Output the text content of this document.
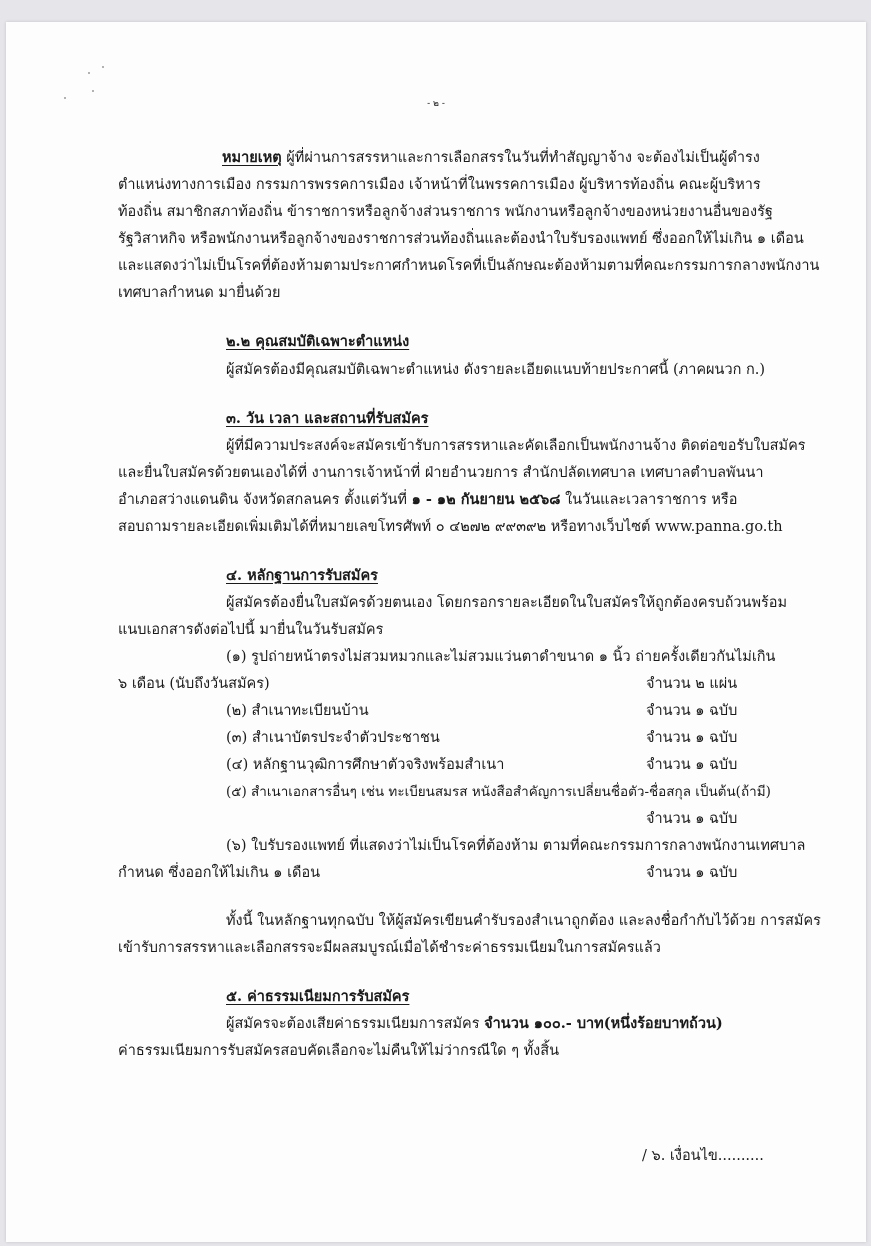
- ๒ -
หมายเหตุ ผู้ที่ผ่านการสรรหาและการเลือกสรรในวันที่ทำสัญญาจ้าง จะต้องไม่เป็นผู้ดำรง
ตำแหน่งทางการเมือง กรรมการพรรคการเมือง เจ้าหน้าที่ในพรรคการเมือง ผู้บริหารท้องถิ่น คณะผู้บริหาร
ท้องถิ่น สมาชิกสภาท้องถิ่น ข้าราชการหรือลูกจ้างส่วนราชการ พนักงานหรือลูกจ้างของหน่วยงานอื่นของรัฐ
รัฐวิสาหกิจ หรือพนักงานหรือลูกจ้างของราชการส่วนท้องถิ่นและต้องนำใบรับรองแพทย์ ซึ่งออกให้ไม่เกิน ๑ เดือน
และแสดงว่าไม่เป็นโรคที่ต้องห้ามตามประกาศกำหนดโรคที่เป็นลักษณะต้องห้ามตามที่คณะกรรมการกลางพนักงาน
เทศบาลกำหนด มายื่นด้วย
๒.๒ คุณสมบัติเฉพาะตำแหน่ง
ผู้สมัครต้องมีคุณสมบัติเฉพาะตำแหน่ง ดังรายละเอียดแนบท้ายประกาศนี้ (ภาคผนวก ก.)
๓. วัน เวลา และสถานที่รับสมัคร
ผู้ที่มีความประสงค์จะสมัครเข้ารับการสรรหาและคัดเลือกเป็นพนักงานจ้าง ติดต่อขอรับใบสมัคร
และยื่นใบสมัครด้วยตนเองได้ที่ งานการเจ้าหน้าที่ ฝ่ายอำนวยการ สำนักปลัดเทศบาล เทศบาลตำบลพันนา
อำเภอสว่างแดนดิน จังหวัดสกลนคร ตั้งแต่วันที่ ๑ - ๑๒ กันยายน ๒๕๖๘ ในวันและเวลาราชการ หรือ
สอบถามรายละเอียดเพิ่มเติมได้ที่หมายเลขโทรศัพท์ ๐ ๔๒๗๒ ๙๙๓๙๒ หรือทางเว็บไซต์ www.panna.go.th
๔. หลักฐานการรับสมัคร
ผู้สมัครต้องยื่นใบสมัครด้วยตนเอง โดยกรอกรายละเอียดในใบสมัครให้ถูกต้องครบถ้วนพร้อม
แนบเอกสารดังต่อไปนี้ มายื่นในวันรับสมัคร
(๑) รูปถ่ายหน้าตรงไม่สวมหมวกและไม่สวมแว่นตาดำขนาด ๑ นิ้ว ถ่ายครั้งเดียวกันไม่เกิน
๖ เดือน (นับถึงวันสมัคร)	จำนวน ๒ แผ่น
(๒) สำเนาทะเบียนบ้าน	จำนวน ๑ ฉบับ
(๓) สำเนาบัตรประจำตัวประชาชน	จำนวน ๑ ฉบับ
(๔) หลักฐานวุฒิการศึกษาตัวจริงพร้อมสำเนา	จำนวน ๑ ฉบับ
(๕) สำเนาเอกสารอื่นๆ เช่น ทะเบียนสมรส หนังสือสำคัญการเปลี่ยนชื่อตัว-ชื่อสกุล เป็นต้น(ถ้ามี)
จำนวน ๑ ฉบับ
(๖) ใบรับรองแพทย์ ที่แสดงว่าไม่เป็นโรคที่ต้องห้าม ตามที่คณะกรรมการกลางพนักงานเทศบาล
กำหนด ซึ่งออกให้ไม่เกิน ๑ เดือน	จำนวน ๑ ฉบับ
ทั้งนี้ ในหลักฐานทุกฉบับ ให้ผู้สมัครเขียนคำรับรองสำเนาถูกต้อง และลงชื่อกำกับไว้ด้วย การสมัคร
เข้ารับการสรรหาและเลือกสรรจะมีผลสมบูรณ์เมื่อได้ชำระค่าธรรมเนียมในการสมัครแล้ว
๕. ค่าธรรมเนียมการรับสมัคร
ผู้สมัครจะต้องเสียค่าธรรมเนียมการสมัคร จำนวน ๑๐๐.- บาท(หนึ่งร้อยบาทถ้วน)
ค่าธรรมเนียมการรับสมัครสอบคัดเลือกจะไม่คืนให้ไม่ว่ากรณีใด ๆ ทั้งสิ้น
/ ๖. เงื่อนไข..........
